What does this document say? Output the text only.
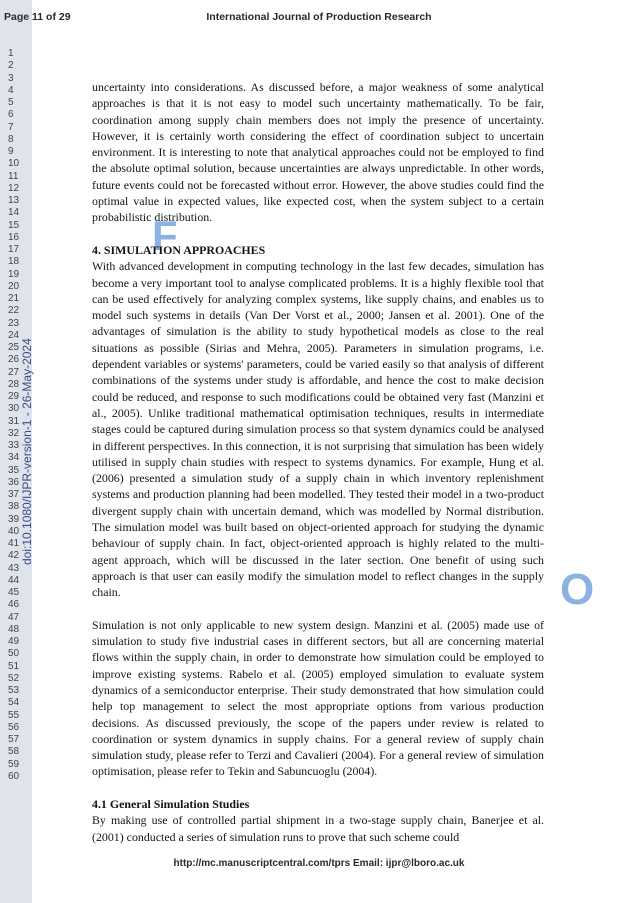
Page 11 of 29	International Journal of Production Research
1
2
3
4
5
6
7
8
9
10
11
12
13
14
15
16
17
18
19
20
21
22
23
24
25
26
27
28
29
30
31
32
33
34
35
36
37
38
39
40
41
42
43
44
45
46
47
48
49
50
51
52
53
54
55
56
57
58
59
60
doi:10.1080/IJPR-version-1 - 26-May-2024
F
O

uncertainty into considerations. As discussed before, a major weakness of some analytical approaches is that it is not easy to model such uncertainty mathematically. To be fair, coordination among supply chain members does not imply the presence of uncertainty. However, it is certainly worth considering the effect of coordination subject to uncertain environment. It is interesting to note that analytical approaches could not be employed to find the absolute optimal solution, because uncertainties are always unpredictable. In other words, future events could not be forecasted without error. However, the above studies could find the optimal value in expected values, like expected cost, when the system subject to a certain probabilistic distribution.

4. SIMULATION APPROACHES

With advanced development in computing technology in the last few decades, simulation has become a very important tool to analyse complicated problems. It is a highly flexible tool that can be used effectively for analyzing complex systems, like supply chains, and enables us to model such systems in details (Van Der Vorst et al., 2000; Jansen et al. 2001). One of the advantages of simulation is the ability to study hypothetical models as close to the real situations as possible (Sirias and Mehra, 2005). Parameters in simulation programs, i.e. dependent variables or systems' parameters, could be varied easily so that analysis of different combinations of the systems under study is affordable, and hence the cost to make decision could be reduced, and response to such modifications could be obtained very fast (Manzini et al., 2005). Unlike traditional mathematical optimisation techniques, results in intermediate stages could be captured during simulation process so that system dynamics could be analysed in different perspectives. In this connection, it is not surprising that simulation has been widely utilised in supply chain studies with respect to systems dynamics. For example, Hung et al. (2006) presented a simulation study of a supply chain in which inventory replenishment systems and production planning had been modelled. They tested their model in a two-product divergent supply chain with uncertain demand, which was modelled by Normal distribution. The simulation model was built based on object-oriented approach for studying the dynamic behaviour of supply chain. In fact, object-oriented approach is highly related to the multi-agent approach, which will be discussed in the later section. One benefit of using such approach is that user can easily modify the simulation model to reflect changes in the supply chain.

Simulation is not only applicable to new system design. Manzini et al. (2005) made use of simulation to study five industrial cases in different sectors, but all are concerning material flows within the supply chain, in order to demonstrate how simulation could be employed to improve existing systems. Rabelo et al. (2005) employed simulation to evaluate system dynamics of a semiconductor enterprise. Their study demonstrated that how simulation could help top management to select the most appropriate options from various production decisions. As discussed previously, the scope of the papers under review is related to coordination or system dynamics in supply chains. For a general review of supply chain simulation study, please refer to Terzi and Cavalieri (2004). For a general review of simulation optimisation, please refer to Tekin and Sabuncuoglu (2004).

4.1 General Simulation Studies

By making use of controlled partial shipment in a two-stage supply chain, Banerjee et al. (2001) conducted a series of simulation runs to prove that such scheme could

http://mc.manuscriptcentral.com/tprs Email: ijpr@lboro.ac.uk
